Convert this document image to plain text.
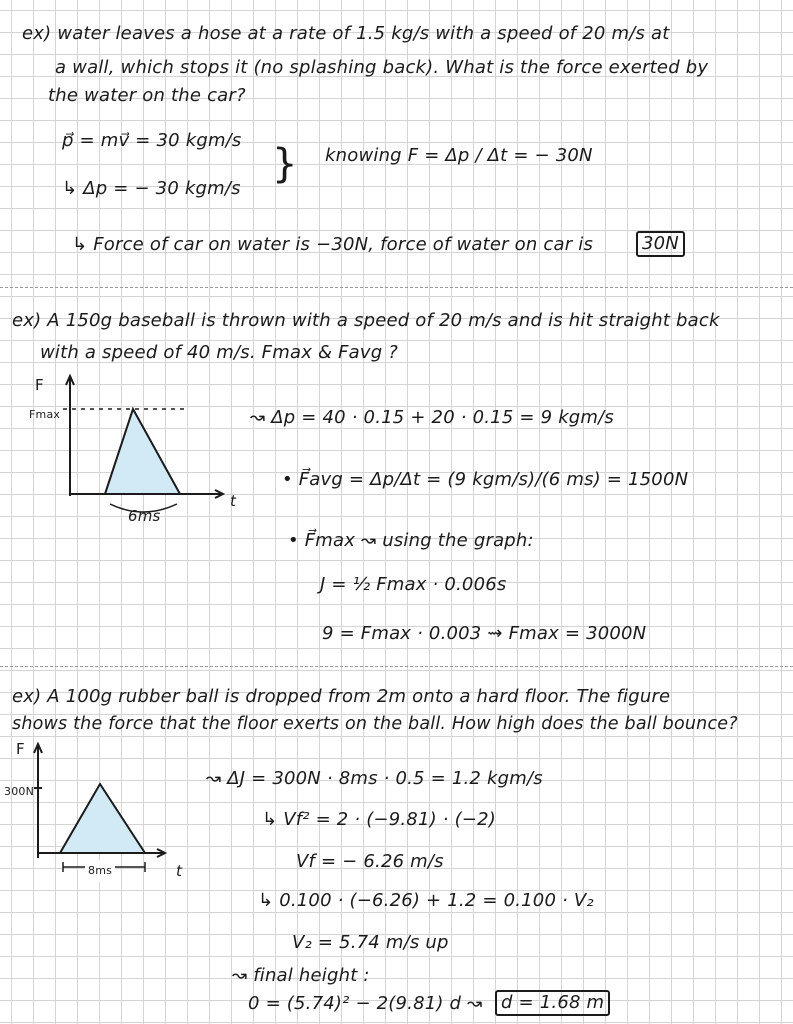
ex) water leaves a hose at a rate of 1.5 kg/s with a speed of 20 m/s at
a wall, which stops it (no splashing back). What is the force exerted by
the water on the car?
p⃗ = mv⃗ = 30 kgm/s
↳ Δp = − 30 kgm/s
} knowing F = Δp / Δt = − 30N
↳ Force of car on water is −30N, force of water on car is	30N
ex) A 150g baseball is thrown with a speed of 20 m/s and is hit straight back
with a speed of 40 m/s. Fmax & Favg ?
F
Fmax
t
6ms
↝ Δp = 40 · 0.15 + 20 · 0.15 = 9 kgm/s
• F⃗avg = Δp/Δt = (9 kgm/s)/(6 ms) = 1500N
• F⃗max ↝ using the graph:
J = ½ Fmax · 0.006s
9 = Fmax · 0.003 ⇝ Fmax = 3000N
ex) A 100g rubber ball is dropped from 2m onto a hard floor. The figure
shows the force that the floor exerts on the ball. How high does the ball bounce?
F
300N
t
8ms
↝ ΔJ = 300N · 8ms · 0.5 = 1.2 kgm/s
↳ Vf² = 2 · (−9.81) · (−2)
Vf = − 6.26 m/s
↳ 0.100 · (−6.26) + 1.2 = 0.100 · V₂
V₂ = 5.74 m/s up
↝ final height :
0 = (5.74)² − 2(9.81) d ↝	d = 1.68 m
